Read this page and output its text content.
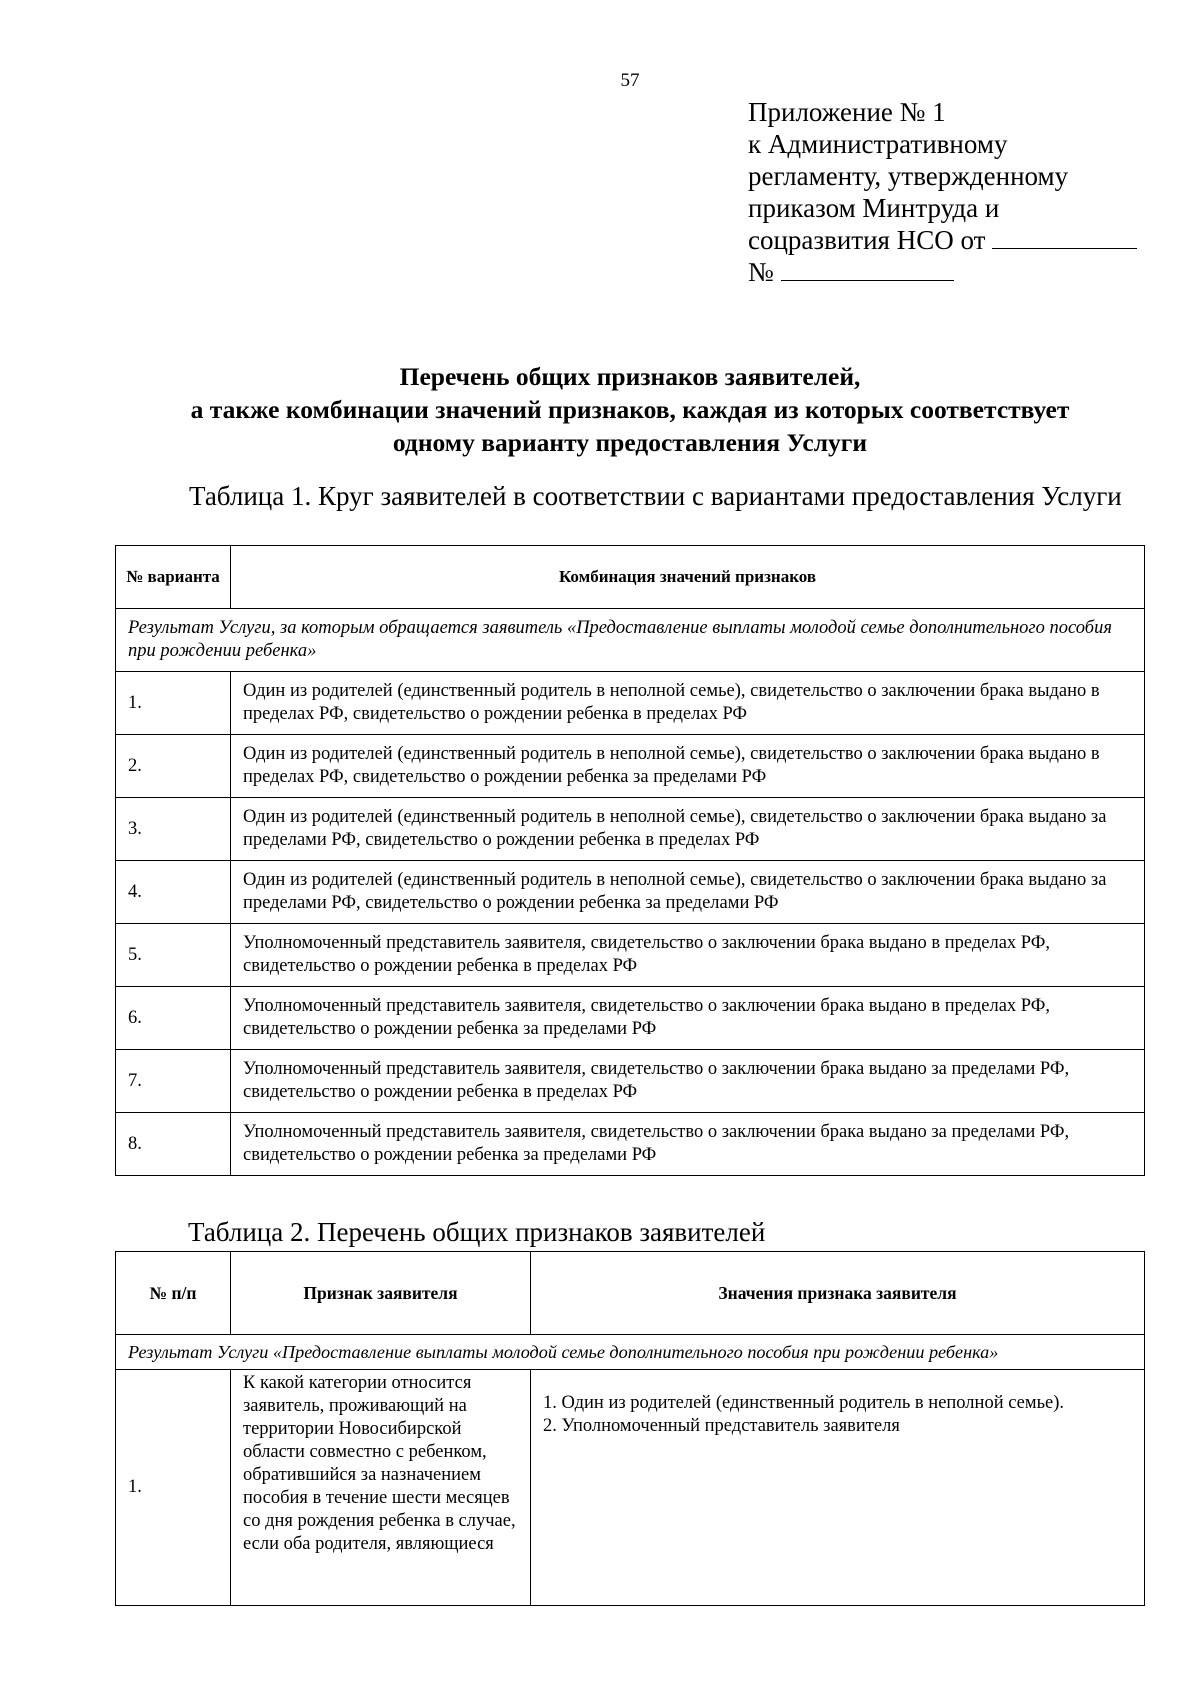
57
Приложение № 1
к Административному
регламенту, утвержденному
приказом Минтруда и
соцразвития НСО от
№
Перечень общих признаков заявителей,
а также комбинации значений признаков, каждая из которых соответствует
одному варианту предоставления Услуги
Таблица 1. Круг заявителей в соответствии с вариантами предоставления Услуги
№ варианта	Комбинация значений признаков
Результат Услуги, за которым обращается заявитель «Предоставление выплаты молодой семье дополнительного пособия при рождении ребенка»	
1.	Один из родителей (единственный родитель в неполной семье), свидетельство о заключении брака выдано в пределах РФ, свидетельство о рождении ребенка в пределах РФ
2.	Один из родителей (единственный родитель в неполной семье), свидетельство о заключении брака выдано в пределах РФ, свидетельство о рождении ребенка за пределами РФ
3.	Один из родителей (единственный родитель в неполной семье), свидетельство о заключении брака выдано за пределами РФ, свидетельство о рождении ребенка в пределах РФ
4.	Один из родителей (единственный родитель в неполной семье), свидетельство о заключении брака выдано за пределами РФ, свидетельство о рождении ребенка за пределами РФ
5.	Уполномоченный представитель заявителя, свидетельство о заключении брака выдано в пределах РФ, свидетельство о рождении ребенка в пределах РФ
6.	Уполномоченный представитель заявителя, свидетельство о заключении брака выдано в пределах РФ, свидетельство о рождении ребенка за пределами РФ
7.	Уполномоченный представитель заявителя, свидетельство о заключении брака выдано за пределами РФ, свидетельство о рождении ребенка в пределах РФ
8.	Уполномоченный представитель заявителя, свидетельство о заключении брака выдано за пределами РФ, свидетельство о рождении ребенка за пределами РФ
Таблица 2. Перечень общих признаков заявителей
№ п/п	Признак заявителя	Значения признака заявителя
Результат Услуги «Предоставление выплаты молодой семье дополнительного пособия при рождении ребенка»		
1.	К какой категории относится заявитель, проживающий на территории Новосибирской области совместно с ребенком, обратившийся за назначением пособия в течение шести месяцев со дня рождения ребенка в случае, если оба родителя, являющиеся	1. Один из родителей (единственный родитель в неполной семье).
2. Уполномоченный представитель заявителя
